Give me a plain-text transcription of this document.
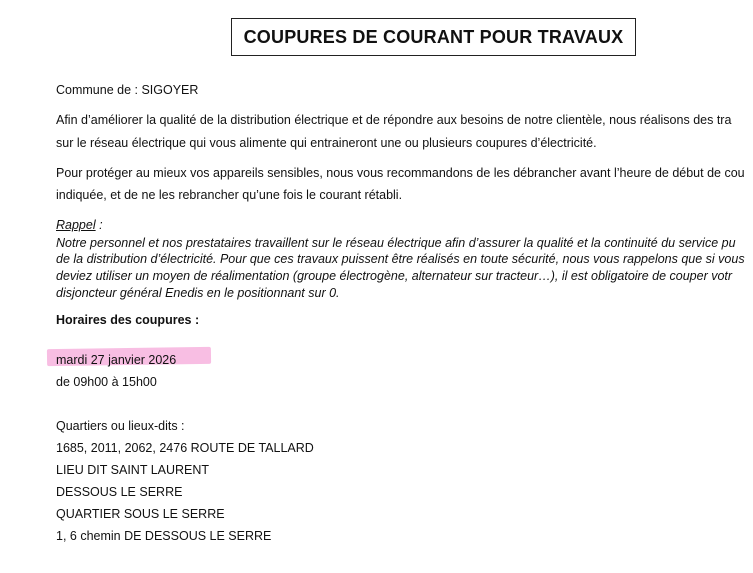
COUPURES DE COURANT POUR TRAVAUX
Commune de : SIGOYER
Afin d’améliorer la qualité de la distribution électrique et de répondre aux besoins de notre clientèle, nous réalisons des tra
sur le réseau électrique qui vous alimente qui entraineront une ou plusieurs coupures d’électricité.
Pour protéger au mieux vos appareils sensibles, nous vous recommandons de les débrancher avant l’heure de début de cou
indiquée, et de ne les rebrancher qu’une fois le courant rétabli.
Rappel :
Notre personnel et nos prestataires travaillent sur le réseau électrique afin d’assurer la qualité et la continuité du service pu
de la distribution d’électricité. Pour que ces travaux puissent être réalisés en toute sécurité, nous vous rappelons que si vous
deviez utiliser un moyen de réalimentation (groupe électrogène, alternateur sur tracteur…), il est obligatoire de couper votr
disjoncteur général Enedis en le positionnant sur 0.
Horaires des coupures :
mardi 27 janvier 2026
de 09h00 à 15h00
Quartiers ou lieux-dits :
1685, 2011, 2062, 2476 ROUTE DE TALLARD
LIEU DIT SAINT LAURENT
DESSOUS LE SERRE
QUARTIER SOUS LE SERRE
1, 6 chemin DE DESSOUS LE SERRE
